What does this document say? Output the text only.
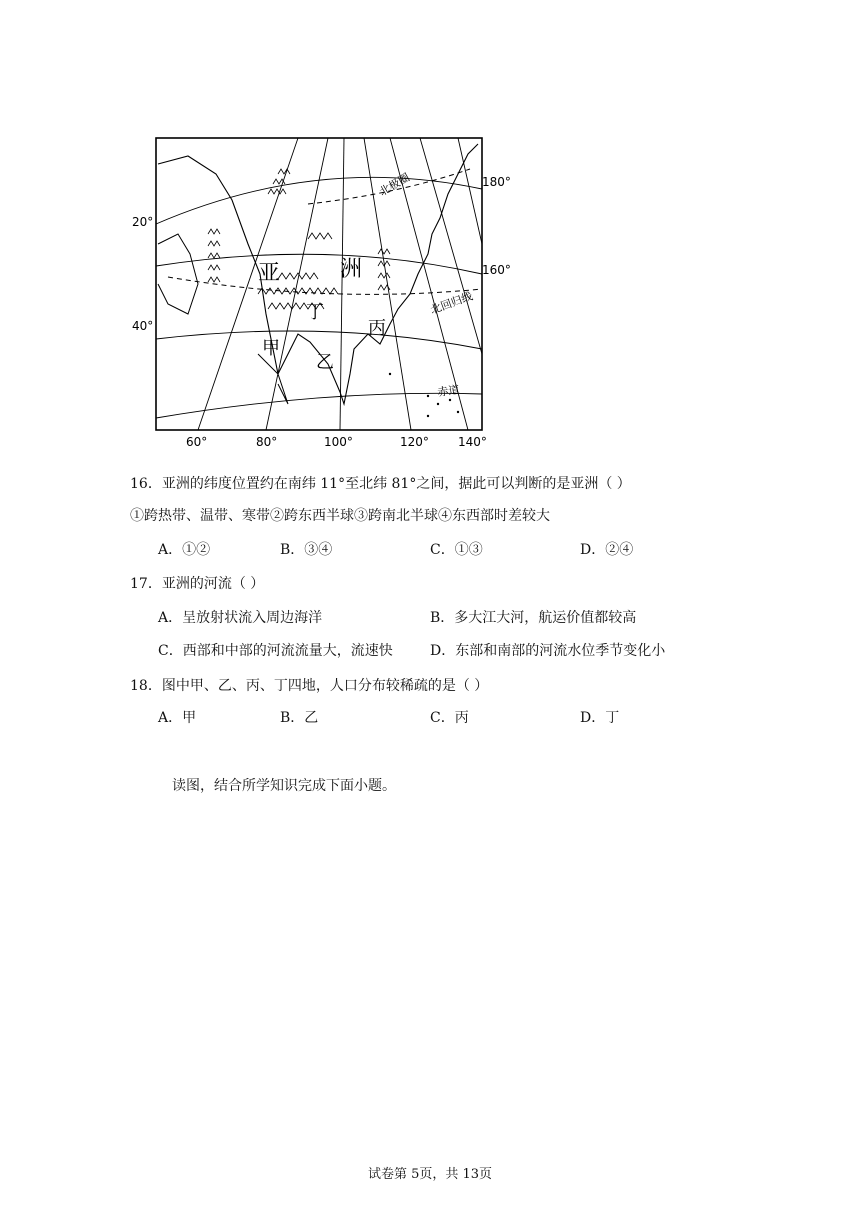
20°
40°
180°
160°
60°	80°	100°	120° 140°
亚	洲
丁
丙
甲
乙
北极圈
北回归线
赤道
16．亚洲的纬度位置约在南纬 11°至北纬 81°之间，据此可以判断的是亚洲（ ）
①跨热带、温带、寒带②跨东西半球③跨南北半球④东西部时差较大
A．①②	B．③④	C．①③	D．②④
17．亚洲的河流（ ）
A．呈放射状流入周边海洋	B．多大江大河，航运价值都较高
C．西部和中部的河流流量大，流速快	D．东部和南部的河流水位季节变化小
18．图中甲、乙、丙、丁四地，人口分布较稀疏的是（ ）
A．甲	B．乙	C．丙	D．丁
读图，结合所学知识完成下面小题。
试卷第 5页，共 13页
